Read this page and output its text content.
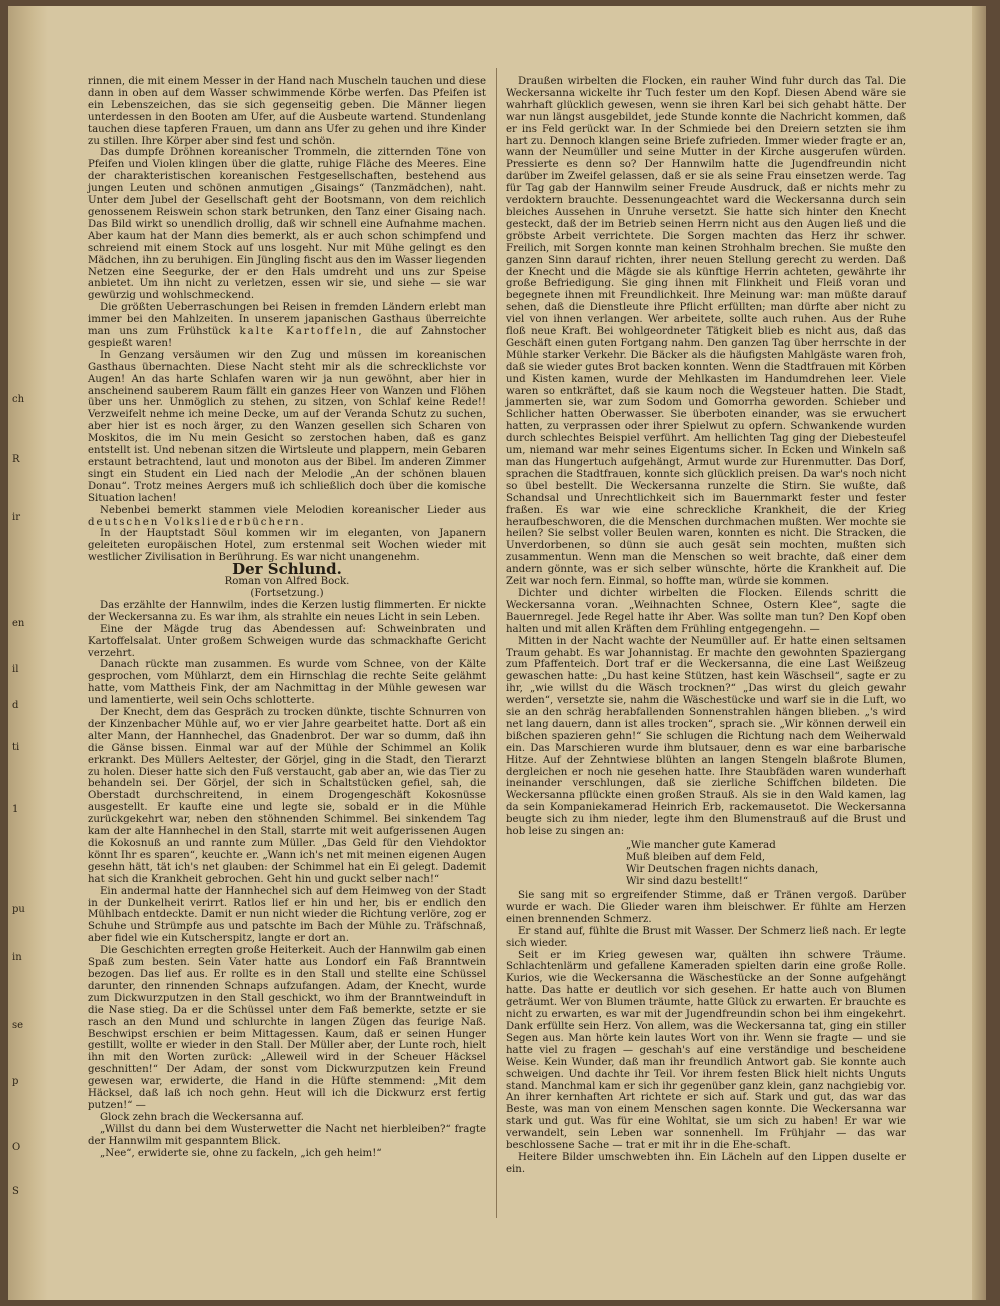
ch
R
ir
en
il
d
ti
1
pu
in
se
p
O
S

rinnen, die mit einem Messer in der Hand nach Muscheln tauchen und diese dann in oben auf dem Wasser schwimmende Körbe werfen. Das Pfeifen ist ein Lebenszeichen, das sie sich gegenseitig geben. Die Männer liegen unterdessen in den Booten am Ufer, auf die Ausbeute wartend. Stundenlang tauchen diese tapferen Frauen, um dann ans Ufer zu gehen und ihre Kinder zu stillen. Ihre Körper aber sind fest und schön.

Das dumpfe Dröhnen koreanischer Trommeln, die zitternden Töne von Pfeifen und Violen klingen über die glatte, ruhige Fläche des Meeres. Eine der charakteristischen koreanischen Festgesellschaften, bestehend aus jungen Leuten und schönen anmutigen „Gisaings“ (Tanzmädchen), naht. Unter dem Jubel der Gesellschaft geht der Bootsmann, von dem reichlich genossenem Reiswein schon stark betrunken, den Tanz einer Gisaing nach. Das Bild wirkt so unendlich drollig, daß wir schnell eine Aufnahme machen. Aber kaum hat der Mann dies bemerkt, als er auch schon schimpfend und schreiend mit einem Stock auf uns losgeht. Nur mit Mühe gelingt es den Mädchen, ihn zu beruhigen. Ein Jüngling fischt aus den im Wasser liegenden Netzen eine Seegurke, der er den Hals umdreht und uns zur Speise anbietet. Um ihn nicht zu verletzen, essen wir sie, und siehe — sie war gewürzig und wohlschmeckend.

Die größten Ueberraschungen bei Reisen in fremden Ländern erlebt man immer bei den Mahlzeiten. In unserem japanischen Gasthaus überreichte man uns zum Frühstück kalte Kartoffeln, die auf Zahnstocher gespießt waren!

In Genzang versäumen wir den Zug und müssen im koreanischen Gasthaus übernachten. Diese Nacht steht mir als die schrecklichste vor Augen! An das harte Schlafen waren wir ja nun gewöhnt, aber hier in anscheinend sauberem Raum fällt ein ganzes Heer von Wanzen und Flöhen über uns her. Unmöglich zu stehen, zu sitzen, von Schlaf keine Rede!! Verzweifelt nehme ich meine Decke, um auf der Veranda Schutz zu suchen, aber hier ist es noch ärger, zu den Wanzen gesellen sich Scharen von Moskitos, die im Nu mein Gesicht so zerstochen haben, daß es ganz entstellt ist. Und nebenan sitzen die Wirtsleute und plappern, mein Gebaren erstaunt betrachtend, laut und monoton aus der Bibel. Im anderen Zimmer singt ein Student ein Lied nach der Melodie „An der schönen blauen Donau“. Trotz meines Aergers muß ich schließlich doch über die komische Situation lachen!

Nebenbei bemerkt stammen viele Melodien koreanischer Lieder aus deutschen Volksliederbüchern.

In der Hauptstadt Söul kommen wir im eleganten, von Japanern geleiteten europäischen Hotel, zum erstenmal seit Wochen wieder mit westlicher Zivilisation in Berührung. Es war nicht unangenehm.

Der Schlund.

Roman von Alfred Bock.

(Fortsetzung.)

Das erzählte der Hannwilm, indes die Kerzen lustig flimmerten. Er nickte der Weckersanna zu. Es war ihm, als strahlte ein neues Licht in sein Leben.

Eine der Mägde trug das Abendessen auf: Schweinbraten und Kartoffelsalat. Unter großem Schweigen wurde das schmackhafte Gericht verzehrt.

Danach rückte man zusammen. Es wurde vom Schnee, von der Kälte gesprochen, vom Mühlarzt, dem ein Hirnschlag die rechte Seite gelähmt hatte, vom Mattheis Fink, der am Nachmittag in der Mühle gewesen war und lamentierte, weil sein Ochs schlotterte.

Der Knecht, dem das Gespräch zu trocken dünkte, tischte Schnurren von der Kinzenbacher Mühle auf, wo er vier Jahre gearbeitet hatte. Dort aß ein alter Mann, der Hannhechel, das Gnadenbrot. Der war so dumm, daß ihn die Gänse bissen. Einmal war auf der Mühle der Schimmel an Kolik erkrankt. Des Müllers Aeltester, der Görjel, ging in die Stadt, den Tierarzt zu holen. Dieser hatte sich den Fuß verstaucht, gab aber an, wie das Tier zu behandeln sei. Der Görjel, der sich in Schaltstücken gefiel, sah, die Oberstadt durchschreitend, in einem Drogengeschäft Kokosnüsse ausgestellt. Er kaufte eine und legte sie, sobald er in die Mühle zurückgekehrt war, neben den stöhnenden Schimmel. Bei sinkendem Tag kam der alte Hannhechel in den Stall, starrte mit weit aufgerissenen Augen die Kokosnuß an und rannte zum Müller. „Das Geld für den Viehdoktor könnt Ihr es sparen“, keuchte er. „Wann ich's net mit meinen eigenen Augen gesehn hätt, tät ich's net glauben: der Schimmel hat ein Ei gelegt. Dademit hat sich die Krankheit gebrochen. Geht hin und guckt selber nach!“

Ein andermal hatte der Hannhechel sich auf dem Heimweg von der Stadt in der Dunkelheit verirrt. Ratlos lief er hin und her, bis er endlich den Mühlbach entdeckte. Damit er nun nicht wieder die Richtung verlöre, zog er Schuhe und Strümpfe aus und patschte im Bach der Mühle zu. Träfschnaß, aber fidel wie ein Kutscherspitz, langte er dort an.

Die Geschichten erregten große Heiterkeit. Auch der Hannwilm gab einen Spaß zum besten. Sein Vater hatte aus Londorf ein Faß Branntwein bezogen. Das lief aus. Er rollte es in den Stall und stellte eine Schüssel darunter, den rinnenden Schnaps aufzufangen. Adam, der Knecht, wurde zum Dickwurzputzen in den Stall geschickt, wo ihm der Branntweinduft in die Nase stieg. Da er die Schüssel unter dem Faß bemerkte, setzte er sie rasch an den Mund und schlurchte in langen Zügen das feurige Naß. Beschwipst erschien er beim Mittagessen. Kaum, daß er seinen Hunger gestillt, wollte er wieder in den Stall. Der Müller aber, der Lunte roch, hielt ihn mit den Worten zurück: „Alleweil wird in der Scheuer Häcksel geschnitten!“ Der Adam, der sonst vom Dickwurzputzen kein Freund gewesen war, erwiderte, die Hand in die Hüfte stemmend: „Mit dem Häcksel, daß laß ich noch gehn. Heut will ich die Dickwurz erst fertig putzen!“ —

Glock zehn brach die Weckersanna auf.

„Willst du dann bei dem Wusterwetter die Nacht net hierbleiben?“ fragte der Hannwilm mit gespanntem Blick.

„Nee“, erwiderte sie, ohne zu fackeln, „ich geh heim!“

Draußen wirbelten die Flocken, ein rauher Wind fuhr durch das Tal. Die Weckersanna wickelte ihr Tuch fester um den Kopf. Diesen Abend wäre sie wahrhaft glücklich gewesen, wenn sie ihren Karl bei sich gehabt hätte. Der war nun längst ausgebildet, jede Stunde konnte die Nachricht kommen, daß er ins Feld gerückt war. In der Schmiede bei den Dreiern setzten sie ihm hart zu. Dennoch klangen seine Briefe zufrieden. Immer wieder fragte er an, wann der Neumüller und seine Mutter in der Kirche ausgerufen würden. Pressierte es denn so? Der Hannwilm hatte die Jugendfreundin nicht darüber im Zweifel gelassen, daß er sie als seine Frau einsetzen werde. Tag für Tag gab der Hannwilm seiner Freude Ausdruck, daß er nichts mehr zu verdoktern brauchte. Dessenungeachtet ward die Weckersanna durch sein bleiches Aussehen in Unruhe versetzt. Sie hatte sich hinter den Knecht gesteckt, daß der im Betrieb seinen Herrn nicht aus den Augen ließ und die gröbste Arbeit verrichtete. Die Sorgen machten das Herz ihr schwer. Freilich, mit Sorgen konnte man keinen Strohhalm brechen. Sie mußte den ganzen Sinn darauf richten, ihrer neuen Stellung gerecht zu werden. Daß der Knecht und die Mägde sie als künftige Herrin achteten, gewährte ihr große Befriedigung. Sie ging ihnen mit Flinkheit und Fleiß voran und begegnete ihnen mit Freundlichkeit. Ihre Meinung war: man müßte darauf sehen, daß die Dienstleute ihre Pflicht erfüllten; man dürfte aber nicht zu viel von ihnen verlangen. Wer arbeitete, sollte auch ruhen. Aus der Ruhe floß neue Kraft. Bei wohlgeordneter Tätigkeit blieb es nicht aus, daß das Geschäft einen guten Fortgang nahm. Den ganzen Tag über herrschte in der Mühle starker Verkehr. Die Bäcker als die häufigsten Mahlgäste waren froh, daß sie wieder gutes Brot backen konnten. Wenn die Stadtfrauen mit Körben und Kisten kamen, wurde der Mehlkasten im Handumdrehen leer. Viele waren so entkräftet, daß sie kaum noch die Wegsteuer hatten. Die Stadt, jammerten sie, war zum Sodom und Gomorrha geworden. Schieber und Schlicher hatten Oberwasser. Sie überboten einander, was sie erwuchert hatten, zu verprassen oder ihrer Spielwut zu opfern. Schwankende wurden durch schlechtes Beispiel verführt. Am hellichten Tag ging der Diebesteufel um, niemand war mehr seines Eigentums sicher. In Ecken und Winkeln saß man das Hungertuch aufgehängt, Armut wurde zur Hurenmutter. Das Dorf, sprachen die Stadtfrauen, konnte sich glücklich preisen. Da war's noch nicht so übel bestellt. Die Weckersanna runzelte die Stirn. Sie wußte, daß Schandsal und Unrechtlichkeit sich im Bauernmarkt fester und fester fraßen. Es war wie eine schreckliche Krankheit, die der Krieg heraufbeschworen, die die Menschen durchmachen mußten. Wer mochte sie heilen? Sie selbst voller Beulen waren, konnten es nicht. Die Stracken, die Unverdorbenen, so dünn sie auch gesät sein mochten, mußten sich zusammentun. Wenn man die Menschen so weit brachte, daß einer dem andern gönnte, was er sich selber wünschte, hörte die Krankheit auf. Die Zeit war noch fern. Einmal, so hoffte man, würde sie kommen.

Dichter und dichter wirbelten die Flocken. Eilends schritt die Weckersanna voran. „Weihnachten Schnee, Ostern Klee“, sagte die Bauernregel. Jede Regel hatte ihr Aber. Was sollte man tun? Den Kopf oben halten und mit allen Kräften dem Frühling entgegengehn. —

Mitten in der Nacht wachte der Neumüller auf. Er hatte einen seltsamen Traum gehabt. Es war Johannistag. Er machte den gewohnten Spaziergang zum Pfaffenteich. Dort traf er die Weckersanna, die eine Last Weißzeug gewaschen hatte: „Du hast keine Stützen, hast kein Wäschseil“, sagte er zu ihr, „wie willst du die Wäsch trocknen?“ „Das wirst du gleich gewahr werden“, versetzte sie, nahm die Wäschestücke und warf sie in die Luft, wo sie an den schräg herabfallenden Sonnenstrahlen hängen blieben. „'s wird net lang dauern, dann ist alles trocken“, sprach sie. „Wir können derweil ein bißchen spazieren gehn!“ Sie schlugen die Richtung nach dem Weiherwald ein. Das Marschieren wurde ihm blutsauer, denn es war eine barbarische Hitze. Auf der Zehntwiese blühten an langen Stengeln blaßrote Blumen, dergleichen er noch nie gesehen hatte. Ihre Staubfäden waren wunderhaft ineinander verschlungen, daß sie zierliche Schiffchen bildeten. Die Weckersanna pflückte einen großen Strauß. Als sie in den Wald kamen, lag da sein Kompaniekamerad Heinrich Erb, rackemausetot. Die Weckersanna beugte sich zu ihm nieder, legte ihm den Blumenstrauß auf die Brust und hob leise zu singen an:

„Wie mancher gute Kamerad
Muß bleiben auf dem Feld,
Wir Deutschen fragen nichts danach,
Wir sind dazu bestellt!“

Sie sang mit so ergreifender Stimme, daß er Tränen vergoß. Darüber wurde er wach. Die Glieder waren ihm bleischwer. Er fühlte am Herzen einen brennenden Schmerz.

Er stand auf, fühlte die Brust mit Wasser. Der Schmerz ließ nach. Er legte sich wieder.

Seit er im Krieg gewesen war, quälten ihn schwere Träume. Schlachtenlärm und gefallene Kameraden spielten darin eine große Rolle. Kurios, wie die Weckersanna die Wäschestücke an der Sonne aufgehängt hatte. Das hatte er deutlich vor sich gesehen. Er hatte auch von Blumen geträumt. Wer von Blumen träumte, hatte Glück zu erwarten. Er brauchte es nicht zu erwarten, es war mit der Jugendfreundin schon bei ihm eingekehrt. Dank erfüllte sein Herz. Von allem, was die Weckersanna tat, ging ein stiller Segen aus. Man hörte kein lautes Wort von ihr. Wenn sie fragte — und sie hatte viel zu fragen — geschah's auf eine verständige und bescheidene Weise. Kein Wunder, daß man ihr freundlich Antwort gab. Sie konnte auch schweigen. Und dachte ihr Teil. Vor ihrem festen Blick hielt nichts Unguts stand. Manchmal kam er sich ihr gegenüber ganz klein, ganz nachgiebig vor. An ihrer kernhaften Art richtete er sich auf. Stark und gut, das war das Beste, was man von einem Menschen sagen konnte. Die Weckersanna war stark und gut. Was für eine Wohltat, sie um sich zu haben! Er war wie verwandelt, sein Leben war sonnenhell. Im Frühjahr — das war beschlossene Sache — trat er mit ihr in die Ehe-schaft.

Heitere Bilder umschwebten ihn. Ein Lächeln auf den Lippen duselte er ein.
